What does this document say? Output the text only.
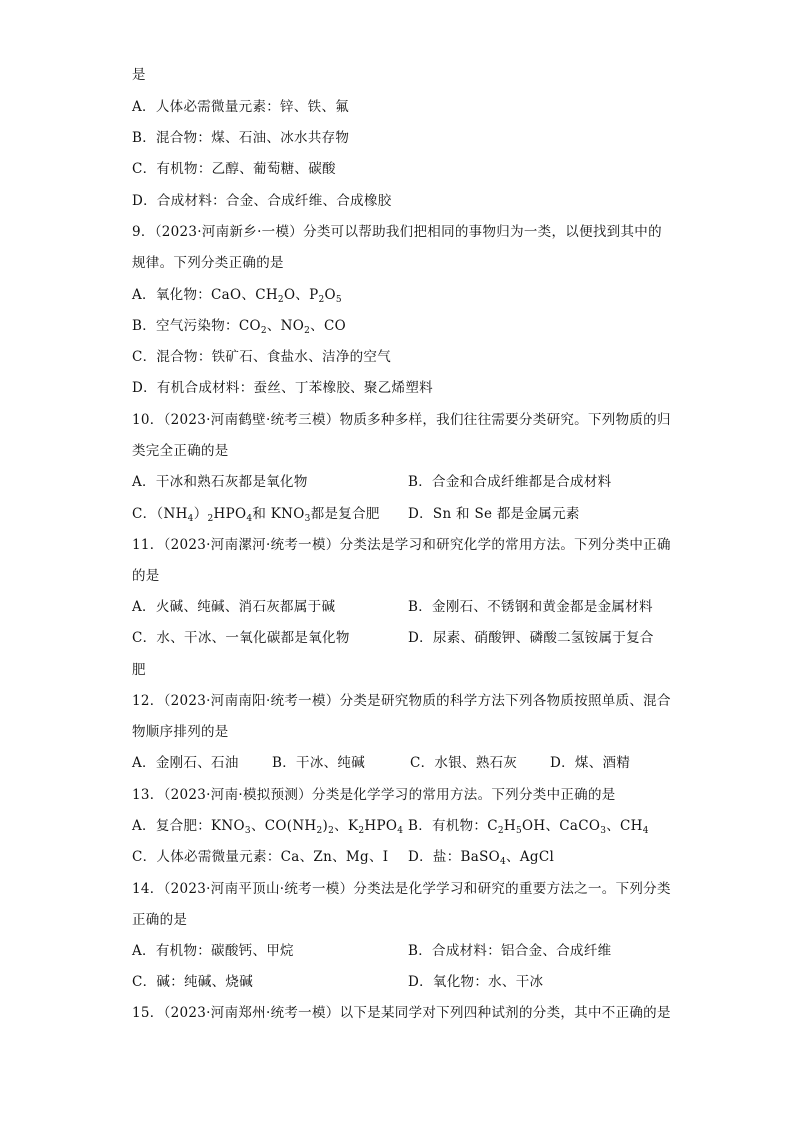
是
A．人体必需微量元素：锌、铁、氟
B．混合物：煤、石油、冰水共存物
C．有机物：乙醇、葡萄糖、碳酸
D．合成材料：合金、合成纤维、合成橡胶
9．（2023·河南新乡·一模）分类可以帮助我们把相同的事物归为一类，以便找到其中的
规律。下列分类正确的是
A．氧化物：CaO、$CH_2O$、$P_2O_5$
B．空气污染物：$CO_2$、$NO_2$、CO
C．混合物：铁矿石、食盐水、洁净的空气
D．有机合成材料：蚕丝、丁苯橡胶、聚乙烯塑料
10．（2023·河南鹤壁·统考三模）物质多种多样，我们往往需要分类研究。下列物质的归
类完全正确的是
A．干冰和熟石灰都是氧化物	B．合金和合成纤维都是合成材料
C．$(NH_4)_2HPO_4$和 $KNO_3$都是复合肥 D．Sn 和 Se 都是金属元素
11．（2023·河南漯河·统考一模）分类法是学习和研究化学的常用方法。下列分类中正确
的是
A．火碱、纯碱、消石灰都属于碱	B．金刚石、不锈钢和黄金都是金属材料
C．水、干冰、一氧化碳都是氧化物	D．尿素、硝酸钾、磷酸二氢铵属于复合
肥
12．（2023·河南南阳·统考一模）分类是研究物质的科学方法下列各物质按照单质、混合
物顺序排列的是
A．金刚石、石油 B．干冰、纯碱	C．水银、熟石灰 D．煤、酒精
13．（2023·河南·模拟预测）分类是化学学习的常用方法。下列分类中正确的是
A．复合肥：$KNO_3$、$CO(NH_2)_2$、$K_2HPO_4$ B．有机物：$C_2H_5OH$、CaCO$_3$、$CH_4$
C．人体必需微量元素：Ca、Zn、Mg、I D．盐：BaSO$_4$、AgCl
14．（2023·河南平顶山·统考一模）分类法是化学学习和研究的重要方法之一。下列分类
正确的是
A．有机物：碳酸钙、甲烷	B．合成材料：铝合金、合成纤维
C．碱：纯碱、烧碱	D．氧化物：水、干冰
15．（2023·河南郑州·统考一模）以下是某同学对下列四种试剂的分类，其中不正确的是
